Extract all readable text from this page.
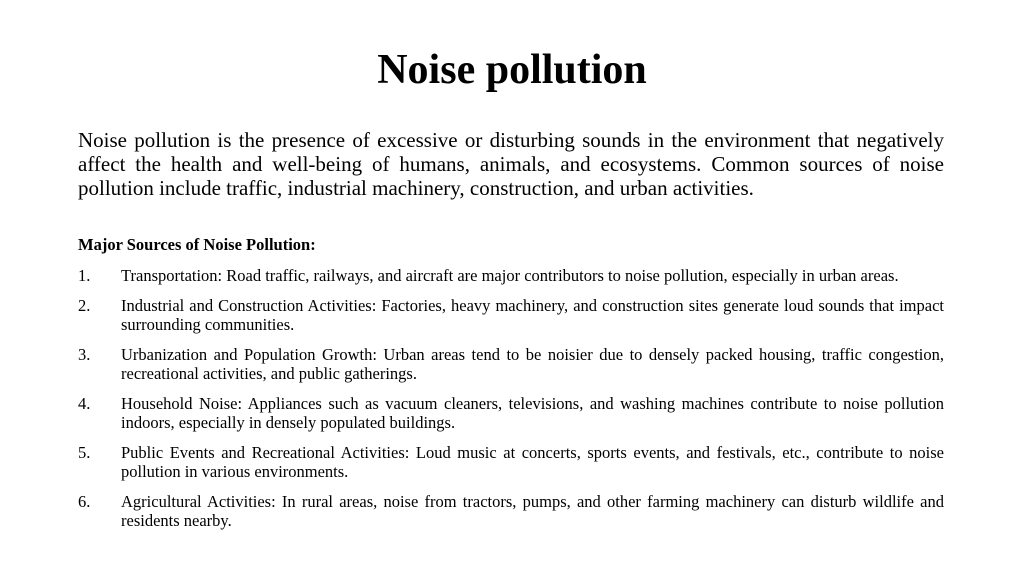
Noise pollution

Noise pollution is the presence of excessive or disturbing sounds in the environment that negatively affect the health and well-being of humans, animals, and ecosystems. Common sources of noise pollution include traffic, industrial machinery, construction, and urban activities.

Major Sources of Noise Pollution:

1. Transportation: Road traffic, railways, and aircraft are major contributors to noise pollution, especially in urban areas.
2. Industrial and Construction Activities: Factories, heavy machinery, and construction sites generate loud sounds that impact surrounding communities.
3. Urbanization and Population Growth: Urban areas tend to be noisier due to densely packed housing, traffic congestion, recreational activities, and public gatherings.
4. Household Noise: Appliances such as vacuum cleaners, televisions, and washing machines contribute to noise pollution indoors, especially in densely populated buildings.
5. Public Events and Recreational Activities: Loud music at concerts, sports events, and festivals, etc., contribute to noise pollution in various environments.
6. Agricultural Activities: In rural areas, noise from tractors, pumps, and other farming machinery can disturb wildlife and residents nearby.
